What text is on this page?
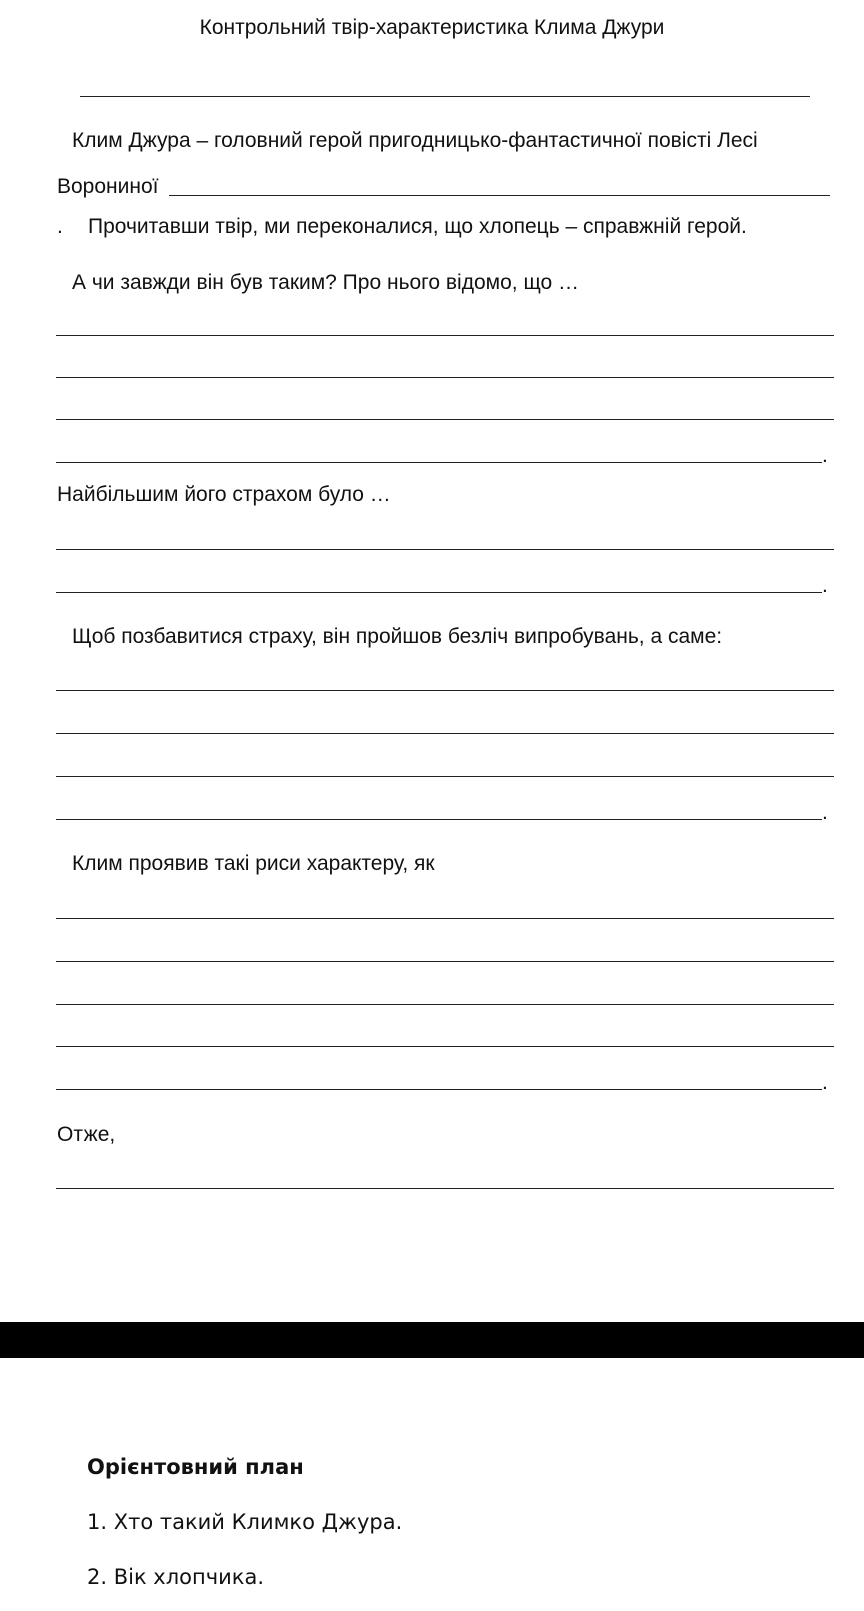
Контрольний твір-характеристика Клима Джури
Клим Джура – головний герой пригодницько-фантастичної повісті Лесі
Ворониної
. Прочитавши твір, ми переконалися, що хлопець – справжній герой.
А чи завжди він був таким? Про нього відомо, що …
.
Найбільшим його страхом було …
.
Щоб позбавитися страху, він пройшов безліч випробувань, а саме:
.
Клим проявив такі риси характеру, як
.
Отже,
Орієнтовний план
1. Хто такий Климко Джура.
2. Вік хлопчика.
